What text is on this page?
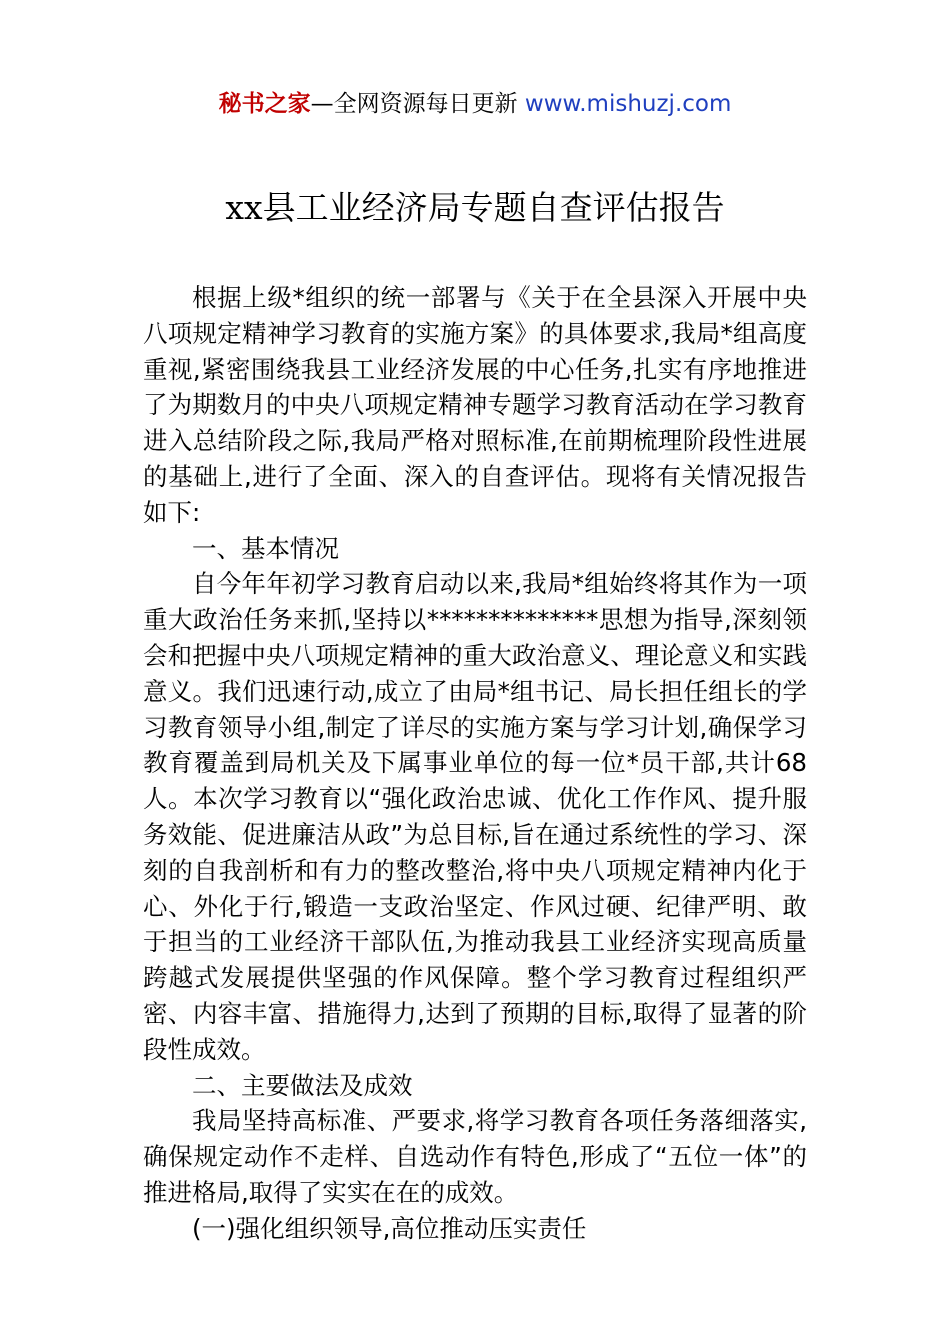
秘书之家—全网资源每日更新 www.mishuzj.com
xx县工业经济局专题自查评估报告

根据上级*组织的统一部署与《关于在全县深入开展中央八项规定精神学习教育的实施方案》的具体要求,我局*组高度重视,紧密围绕我县工业经济发展的中心任务,扎实有序地推进了为期数月的中央八项规定精神专题学习教育活动在学习教育进入总结阶段之际,我局严格对照标准,在前期梳理阶段性进展的基础上,进行了全面、深入的自查评估。现将有关情况报告如下:

一、基本情况

自今年年初学习教育启动以来,我局*组始终将其作为一项重大政治任务来抓,坚持以**************思想为指导,深刻领会和把握中央八项规定精神的重大政治意义、理论意义和实践意义。我们迅速行动,成立了由局*组书记、局长担任组长的学习教育领导小组,制定了详尽的实施方案与学习计划,确保学习教育覆盖到局机关及下属事业单位的每一位*员干部,共计68人。本次学习教育以“强化政治忠诚、优化工作作风、提升服务效能、促进廉洁从政”为总目标,旨在通过系统性的学习、深刻的自我剖析和有力的整改整治,将中央八项规定精神内化于心、外化于行,锻造一支政治坚定、作风过硬、纪律严明、敢于担当的工业经济干部队伍,为推动我县工业经济实现高质量跨越式发展提供坚强的作风保障。整个学习教育过程组织严密、内容丰富、措施得力,达到了预期的目标,取得了显著的阶段性成效。

二、主要做法及成效

我局坚持高标准、严要求,将学习教育各项任务落细落实,确保规定动作不走样、自选动作有特色,形成了“五位一体”的推进格局,取得了实实在在的成效。

(一)强化组织领导,高位推动压实责任
